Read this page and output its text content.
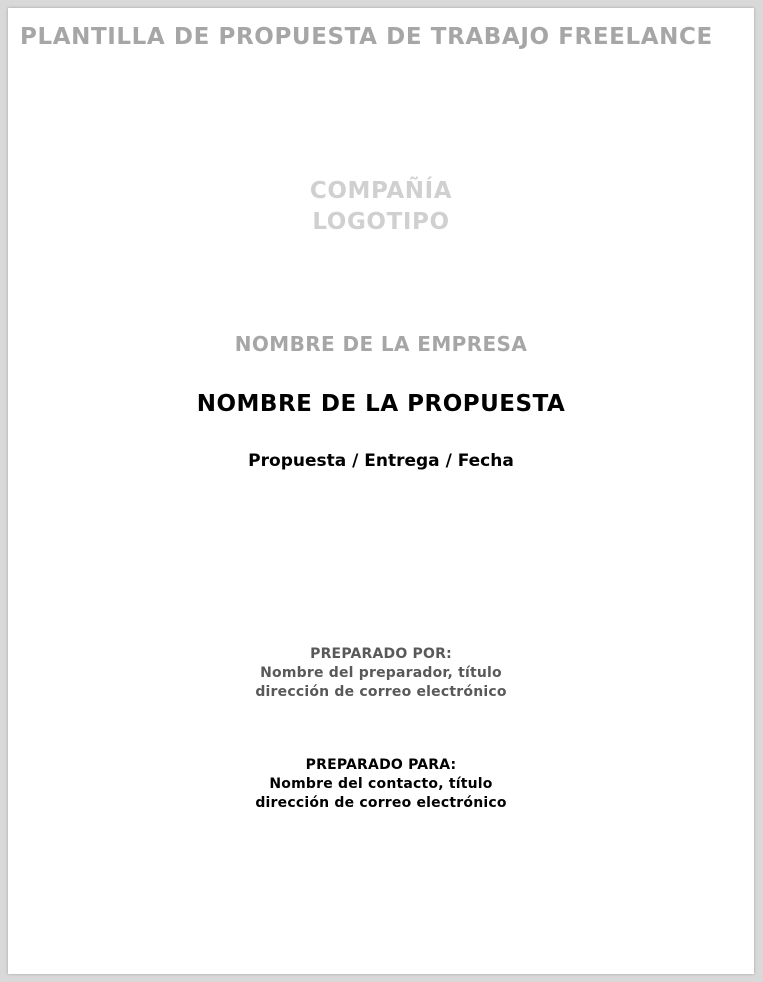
PLANTILLA DE PROPUESTA DE TRABAJO FREELANCE
COMPAÑÍA
LOGOTIPO
NOMBRE DE LA EMPRESA
NOMBRE DE LA PROPUESTA
Propuesta / Entrega / Fecha
PREPARADO POR:
Nombre del preparador, título
dirección de correo electrónico
PREPARADO PARA:
Nombre del contacto, título
dirección de correo electrónico
